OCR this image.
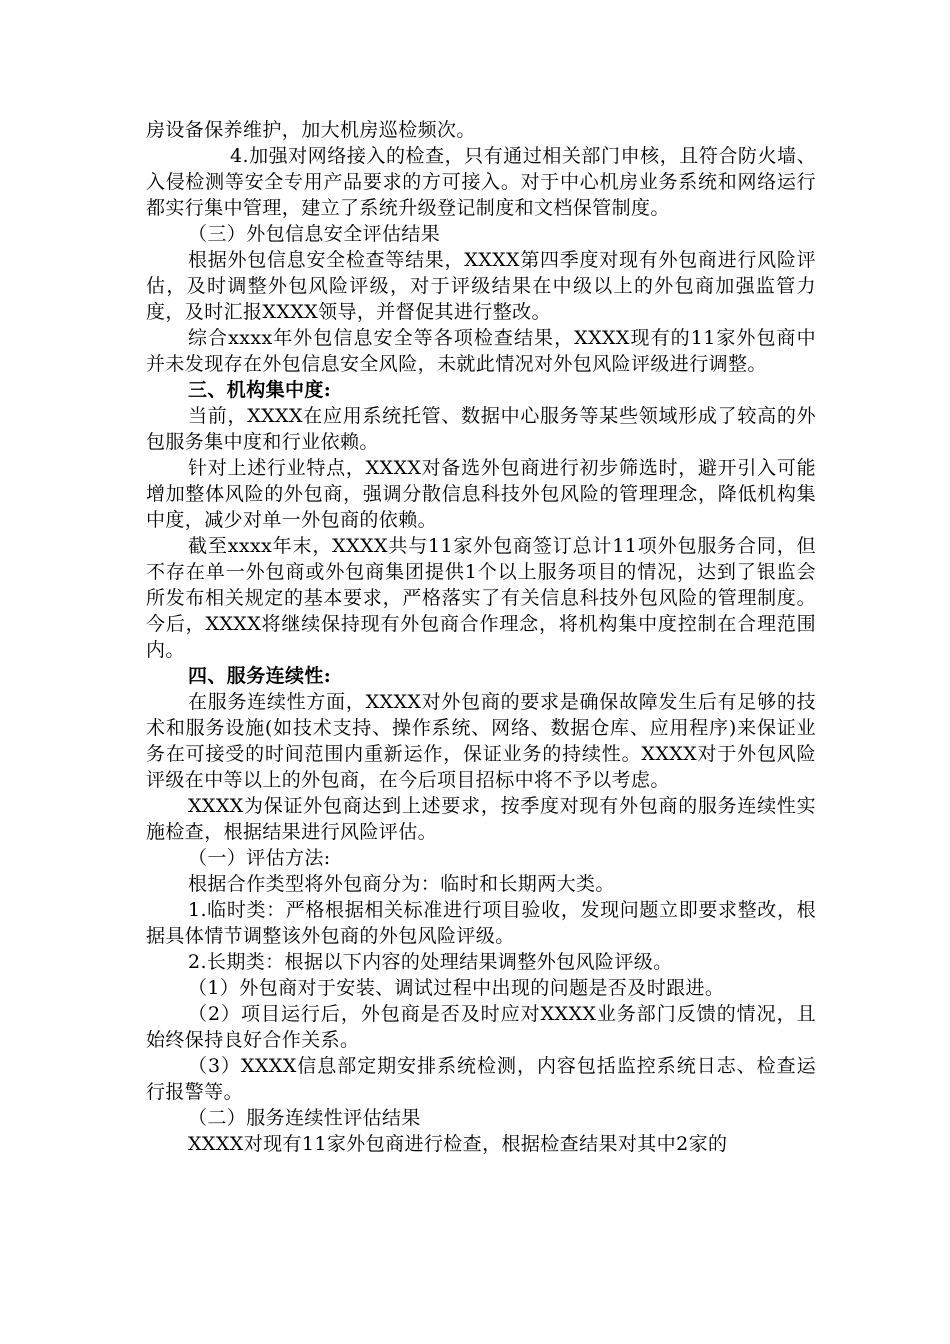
房设备保养维护，加大机房巡检频次。

4.加强对网络接入的检查，只有通过相关部门申核，且符合防火墙、入侵检测等安全专用产品要求的方可接入。对于中心机房业务系统和网络运行都实行集中管理，建立了系统升级登记制度和文档保管制度。

（三）外包信息安全评估结果

根据外包信息安全检查等结果，XXXX第四季度对现有外包商进行风险评估，及时调整外包风险评级，对于评级结果在中级以上的外包商加强监管力度，及时汇报XXXX领导，并督促其进行整改。

综合xxxx年外包信息安全等各项检查结果，XXXX现有的11家外包商中并未发现存在外包信息安全风险，未就此情况对外包风险评级进行调整。

三、机构集中度:

当前，XXXX在应用系统托管、数据中心服务等某些领域形成了较高的外包服务集中度和行业依赖。

针对上述行业特点，XXXX对备选外包商进行初步筛选时，避开引入可能增加整体风险的外包商，强调分散信息科技外包风险的管理理念，降低机构集中度，减少对单一外包商的依赖。

截至xxxx年末，XXXX共与11家外包商签订总计11项外包服务合同，但不存在单一外包商或外包商集团提供1个以上服务项目的情况，达到了银监会所发布相关规定的基本要求，严格落实了有关信息科技外包风险的管理制度。今后，XXXX将继续保持现有外包商合作理念，将机构集中度控制在合理范围内。

四、服务连续性:

在服务连续性方面，XXXX对外包商的要求是确保故障发生后有足够的技术和服务设施(如技术支持、操作系统、网络、数据仓库、应用程序)来保证业务在可接受的时间范围内重新运作，保证业务的持续性。XXXX对于外包风险评级在中等以上的外包商，在今后项目招标中将不予以考虑。

XXXX为保证外包商达到上述要求，按季度对现有外包商的服务连续性实施检查，根据结果进行风险评估。

（一）评估方法:

根据合作类型将外包商分为：临时和长期两大类。

1.临时类：严格根据相关标准进行项目验收，发现问题立即要求整改，根据具体情节调整该外包商的外包风险评级。

2.长期类：根据以下内容的处理结果调整外包风险评级。

（1）外包商对于安装、调试过程中出现的问题是否及时跟进。

（2）项目运行后，外包商是否及时应对XXXX业务部门反馈的情况，且始终保持良好合作关系。

（3）XXXX信息部定期安排系统检测，内容包括监控系统日志、检查运行报警等。

（二）服务连续性评估结果

XXXX对现有11家外包商进行检查，根据检查结果对其中2家的
